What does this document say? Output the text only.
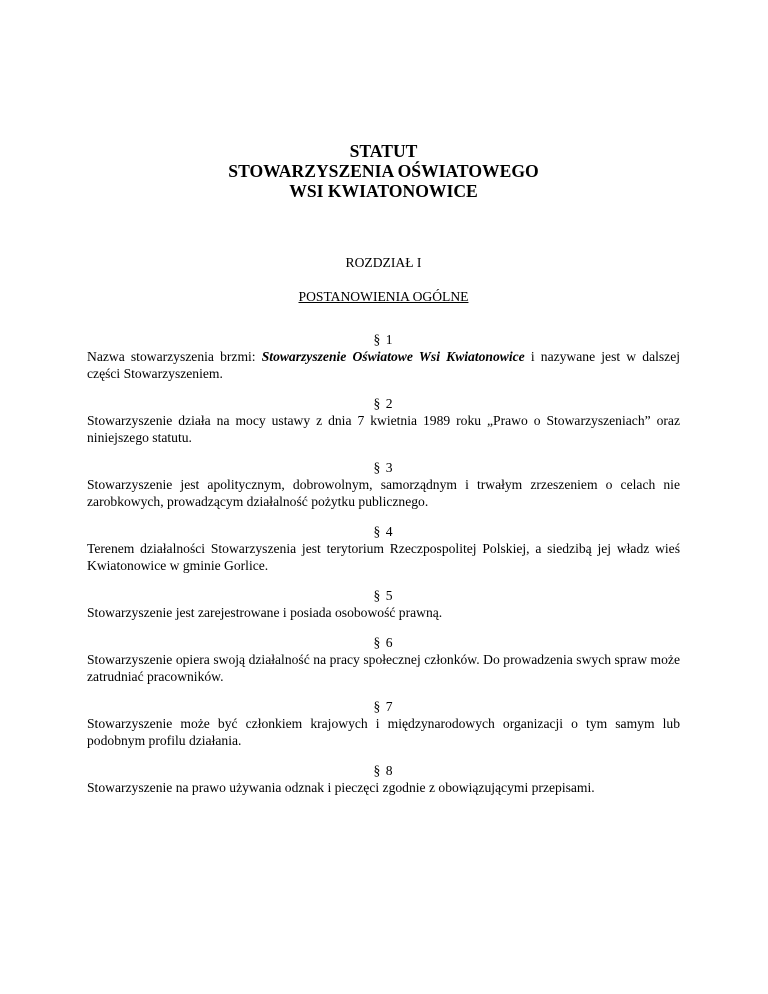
STATUT
STOWARZYSZENIA OŚWIATOWEGO
WSI KWIATONOWICE
ROZDZIAŁ I
POSTANOWIENIA OGÓLNE
§ 1
Nazwa stowarzyszenia brzmi: Stowarzyszenie Oświatowe Wsi Kwiatonowice i nazywane jest w dalszej części Stowarzyszeniem.
§ 2
Stowarzyszenie działa na mocy ustawy z dnia 7 kwietnia 1989 roku „Prawo o Stowarzyszeniach” oraz niniejszego statutu.
§ 3
Stowarzyszenie jest apolitycznym, dobrowolnym, samorządnym i trwałym zrzeszeniem o celach nie zarobkowych, prowadzącym działalność pożytku publicznego.
§ 4
Terenem działalności Stowarzyszenia jest terytorium Rzeczpospolitej Polskiej, a siedzibą jej władz wieś Kwiatonowice w gminie Gorlice.
§ 5
Stowarzyszenie jest zarejestrowane i posiada osobowość prawną.
§ 6
Stowarzyszenie opiera swoją działalność na pracy społecznej członków. Do prowadzenia swych spraw może zatrudniać pracowników.
§ 7
Stowarzyszenie może być członkiem krajowych i międzynarodowych organizacji o tym samym lub podobnym profilu działania.
§ 8
Stowarzyszenie na prawo używania odznak i pieczęci zgodnie z obowiązującymi przepisami.
